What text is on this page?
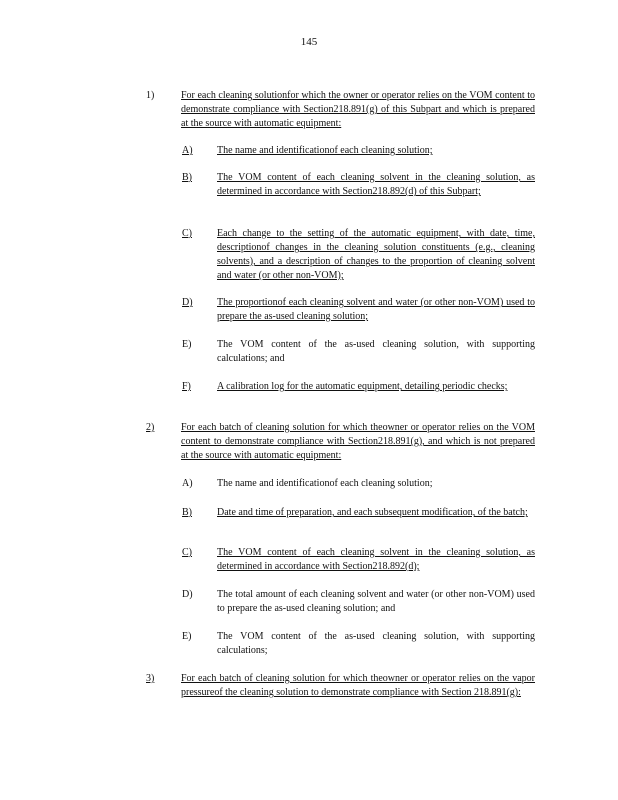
145
1)	For each cleaning solutionfor which the owner or operator relies on the VOM content to demonstrate compliance with Section218.891(g) of this Subpart and which is prepared at the source with automatic equipment:
A) The name and identificationof each cleaning solution;
B)	The VOM content of each cleaning solvent in the cleaning solution, as determined in accordance with Section218.892(d) of this Subpart;
C)	Each change to the setting of the automatic equipment, with date, time, descriptionof changes in the cleaning solution constituents (e.g., cleaning solvents), and a description of changes to the proportion of cleaning solvent and water (or other non-VOM);
D) The proportionof each cleaning solvent and water (or other non-VOM) used to prepare the as-used cleaning solution;
E)	The VOM content of the as-used cleaning solution, with supporting calculations; and
F)	A calibration log for the automatic equipment, detailing periodic checks;
2)	For each batch of cleaning solution for which theowner or operator relies on the VOM content to demonstrate compliance with Section218.891(g), and which is not prepared at the source with automatic equipment:
A) The name and identificationof each cleaning solution;
B)	Date and time of preparation, and each subsequent modification, of the batch;
C)	The VOM content of each cleaning solvent in the cleaning solution, as determined in accordance with Section218.892(d);
D) The total amount of each cleaning solvent and water (or other non-VOM) used to prepare the as-used cleaning solution; and
E)	The VOM content of the as-used cleaning solution, with supporting calculations;
3)	For each batch of cleaning solution for which theowner or operator relies on the vapor pressureof the cleaning solution to demonstrate compliance with Section 218.891(g):
